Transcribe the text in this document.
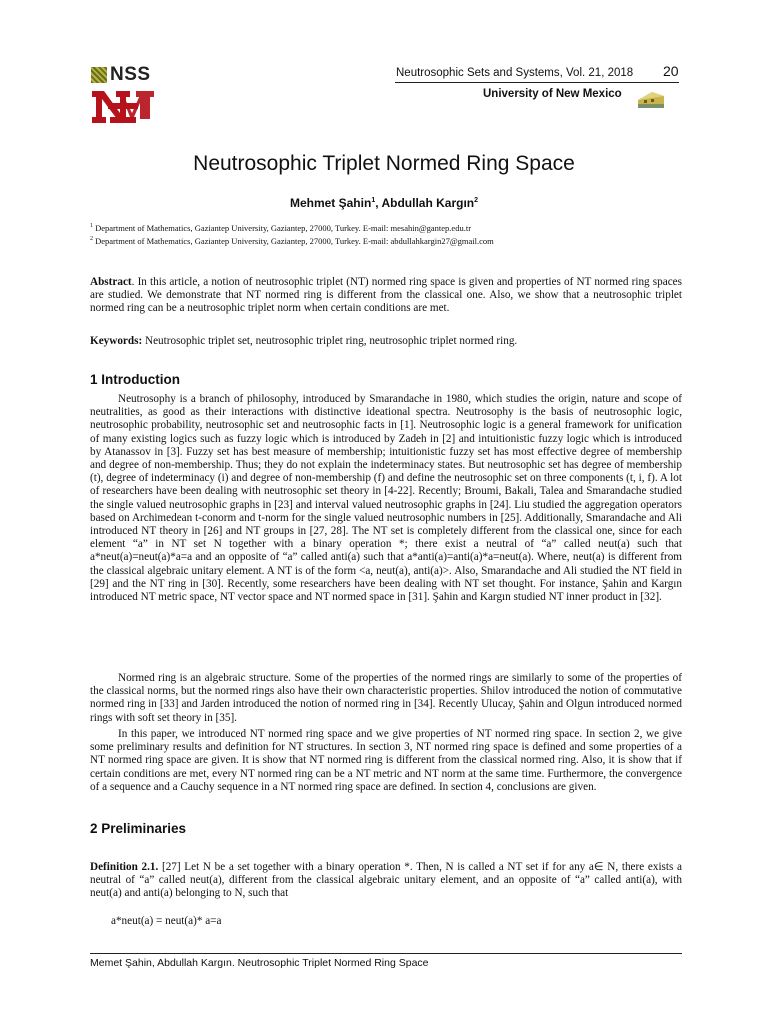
NSS	Neutrosophic Sets and Systems, Vol. 21, 2018 20
University of New Mexico
Neutrosophic Triplet Normed Ring Space
Mehmet Şahin$^1$, Abdullah Kargın$^2$
$^1$ Department of Mathematics, Gaziantep University, Gaziantep, 27000, Turkey. E-mail: mesahin@gantep.edu.tr
$^2$ Department of Mathematics, Gaziantep University, Gaziantep, 27000, Turkey. E-mail: abdullahkargin27@gmail.com
Abstract. In this article, a notion of neutrosophic triplet (NT) normed ring space is given and properties of NT normed ring spaces are studied. We demonstrate that NT normed ring is different from the classical one. Also, we show that a neutrosophic triplet normed ring can be a neutrosophic triplet norm when certain conditions are met.
Keywords: Neutrosophic triplet set, neutrosophic triplet ring, neutrosophic triplet normed ring.
1 Introduction

Neutrosophy is a branch of philosophy, introduced by Smarandache in 1980, which studies the origin, nature and scope of neutralities, as good as their interactions with distinctive ideational spectra. Neutrosophy is the basis of neutrosophic logic, neutrosophic probability, neutrosophic set and neutrosophic facts in [1]. Neutrosophic logic is a general framework for unification of many existing logics such as fuzzy logic which is introduced by Zadeh in [2] and intuitionistic fuzzy logic which is introduced by Atanassov in [3]. Fuzzy set has best measure of membership; intuitionistic fuzzy set has most effective degree of membership and degree of non-membership. Thus; they do not explain the indeterminacy states. But neutrosophic set has degree of membership (t), degree of indeterminacy (i) and degree of non-membership (f) and define the neutrosophic set on three components (t, i, f). A lot of researchers have been dealing with neutrosophic set theory in [4-22]. Recently; Broumi, Bakali, Talea and Smarandache studied the single valued neutrosophic graphs in [23] and interval valued neutrosophic graphs in [24]. Liu studied the aggregation operators based on Archimedean t-conorm and t-norm for the single valued neutrosophic numbers in [25]. Additionally, Smarandache and Ali introduced NT theory in [26] and NT groups in [27, 28]. The NT set is completely different from the classical one, since for each element “a” in NT set N together with a binary operation *; there exist a neutral of “a” called neut(a) such that a*neut(a)=neut(a)*a=a and an opposite of “a” called anti(a) such that a*anti(a)=anti(a)*a=neut(a). Where, neut(a) is different from the classical algebraic unitary element. A NT is of the form <a, neut(a), anti(a)>. Also, Smarandache and Ali studied the NT field in [29] and the NT ring in [30]. Recently, some researchers have been dealing with NT set thought. For instance, Şahin and Kargın introduced NT metric space, NT vector space and NT normed space in [31]. Şahin and Kargın studied NT inner product in [32].

Normed ring is an algebraic structure. Some of the properties of the normed rings are similarly to some of the properties of the classical norms, but the normed rings also have their own characteristic properties. Shilov introduced the notion of commutative normed ring in [33] and Jarden introduced the notion of normed ring in [34]. Recently Ulucay, Şahin and Olgun introduced normed rings with soft set theory in [35].

In this paper, we introduced NT normed ring space and we give properties of NT normed ring space. In section 2, we give some preliminary results and definition for NT structures. In section 3, NT normed ring space is defined and some properties of a NT normed ring space are given. It is show that NT normed ring is different from the classical normed ring. Also, it is show that if certain conditions are met, every NT normed ring can be a NT metric and NT norm at the same time. Furthermore, the convergence of a sequence and a Cauchy sequence in a NT normed ring space are defined. In section 4, conclusions are given.

2 Preliminaries

Definition 2.1. [27] Let N be a set together with a binary operation *. Then, N is called a NT set if for any a∈ N, there exists a neutral of “a” called neut(a), different from the classical algebraic unitary element, and an opposite of “a” called anti(a), with neut(a) and anti(a) belonging to N, such that

a*neut(a) = neut(a)* a=a
Memet Şahin, Abdullah Kargın. Neutrosophic Triplet Normed Ring Space
